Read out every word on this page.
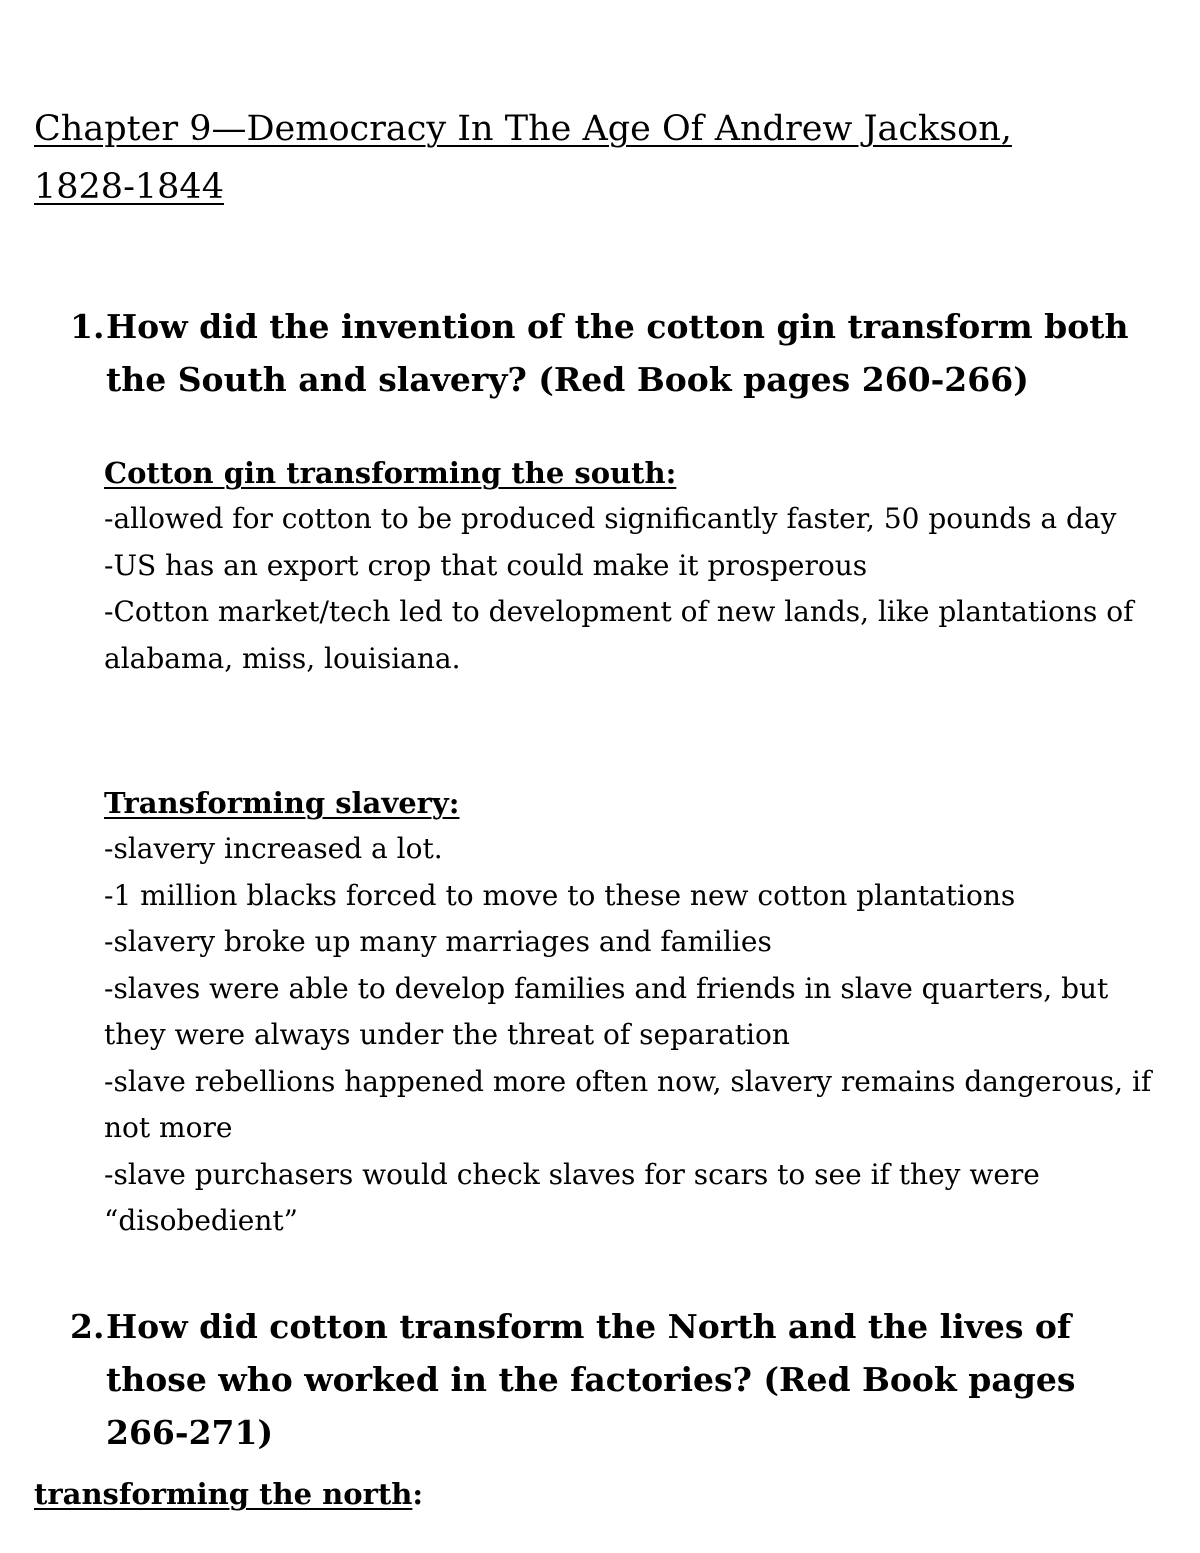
Chapter 9—Democracy In The Age Of Andrew Jackson,
1828-1844
1. How did the invention of the cotton gin transform both the South and slavery? (Red Book pages 260-266)
Cotton gin transforming the south:
-allowed for cotton to be produced significantly faster, 50 pounds a day
-US has an export crop that could make it prosperous
-Cotton market/tech led to development of new lands, like plantations of alabama, miss, louisiana.
Transforming slavery:
-slavery increased a lot.
-1 million blacks forced to move to these new cotton plantations
-slavery broke up many marriages and families
-slaves were able to develop families and friends in slave quarters, but they were always under the threat of separation
-slave rebellions happened more often now, slavery remains dangerous, if not more
-slave purchasers would check slaves for scars to see if they were “disobedient”
2. How did cotton transform the North and the lives of those who worked in the factories? (Red Book pages 266-271)
transforming the north:
